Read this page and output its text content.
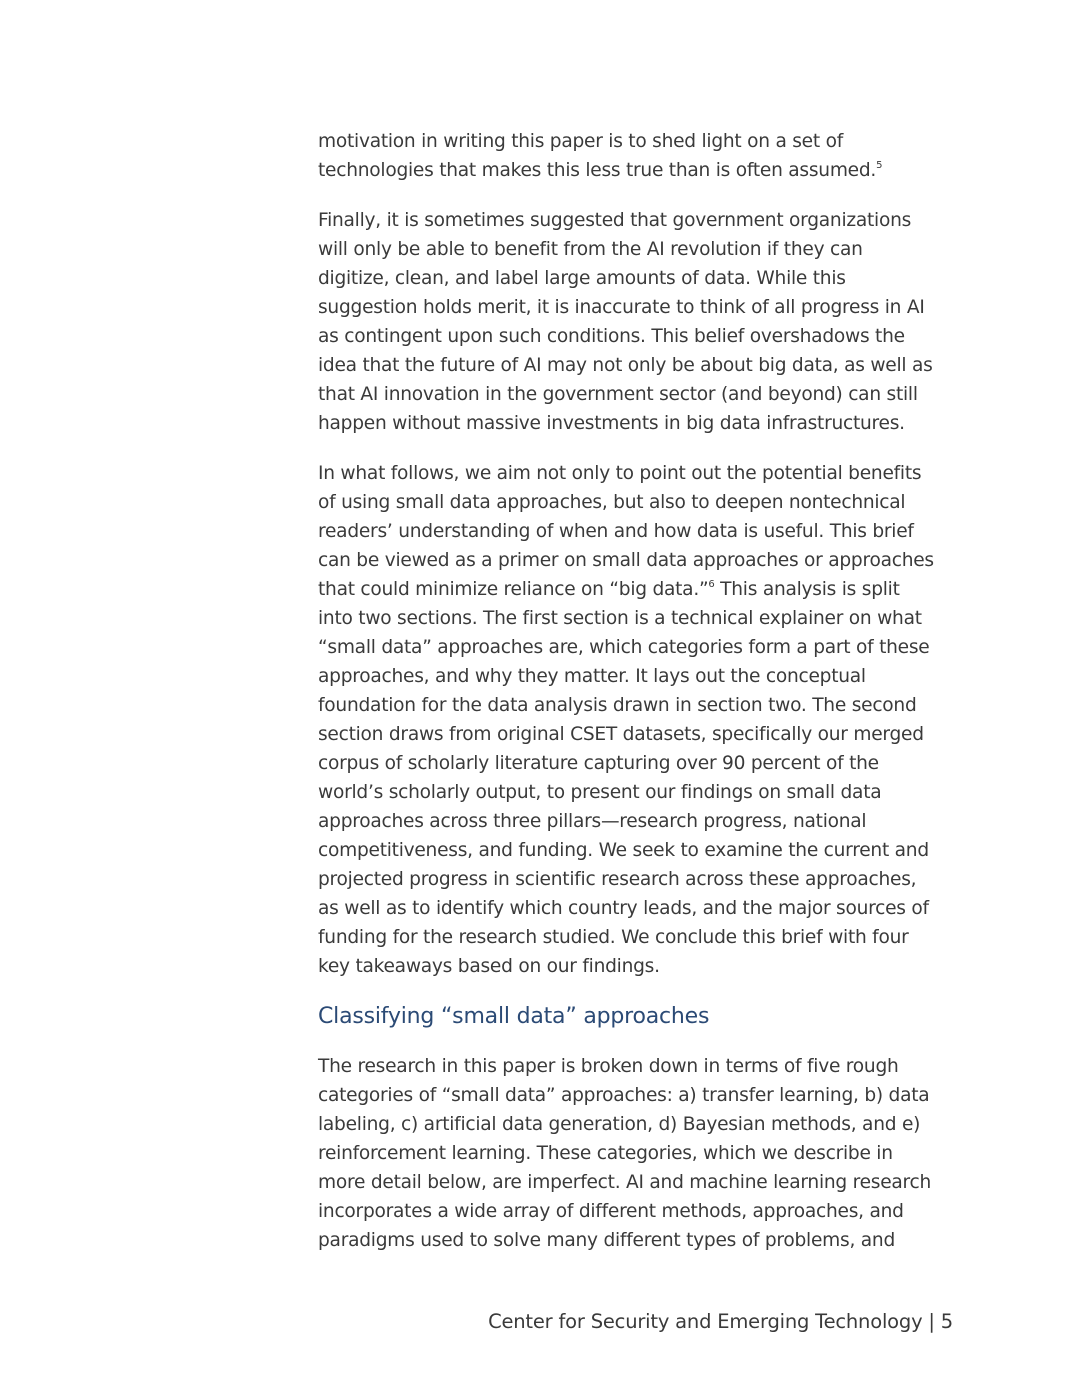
motivation in writing this paper is to shed light on a set of
technologies that makes this less true than is often assumed.$^5$
Finally, it is sometimes suggested that government organizations
will only be able to benefit from the AI revolution if they can
digitize, clean, and label large amounts of data. While this
suggestion holds merit, it is inaccurate to think of all progress in AI
as contingent upon such conditions. This belief overshadows the
idea that the future of AI may not only be about big data, as well as
that AI innovation in the government sector (and beyond) can still
happen without massive investments in big data infrastructures.
In what follows, we aim not only to point out the potential benefits
of using small data approaches, but also to deepen nontechnical
readers’ understanding of when and how data is useful. This brief
can be viewed as a primer on small data approaches or approaches
that could minimize reliance on “big data.”$^6$ This analysis is split
into two sections. The first section is a technical explainer on what
“small data” approaches are, which categories form a part of these
approaches, and why they matter. It lays out the conceptual
foundation for the data analysis drawn in section two. The second
section draws from original CSET datasets, specifically our merged
corpus of scholarly literature capturing over 90 percent of the
world’s scholarly output, to present our findings on small data
approaches across three pillars—research progress, national
competitiveness, and funding. We seek to examine the current and
projected progress in scientific research across these approaches,
as well as to identify which country leads, and the major sources of
funding for the research studied. We conclude this brief with four
key takeaways based on our findings.
Classifying “small data” approaches
The research in this paper is broken down in terms of five rough
categories of “small data” approaches: a) transfer learning, b) data
labeling, c) artificial data generation, d) Bayesian methods, and e)
reinforcement learning. These categories, which we describe in
more detail below, are imperfect. AI and machine learning research
incorporates a wide array of different methods, approaches, and
paradigms used to solve many different types of problems, and
Center for Security and Emerging Technology | 5
